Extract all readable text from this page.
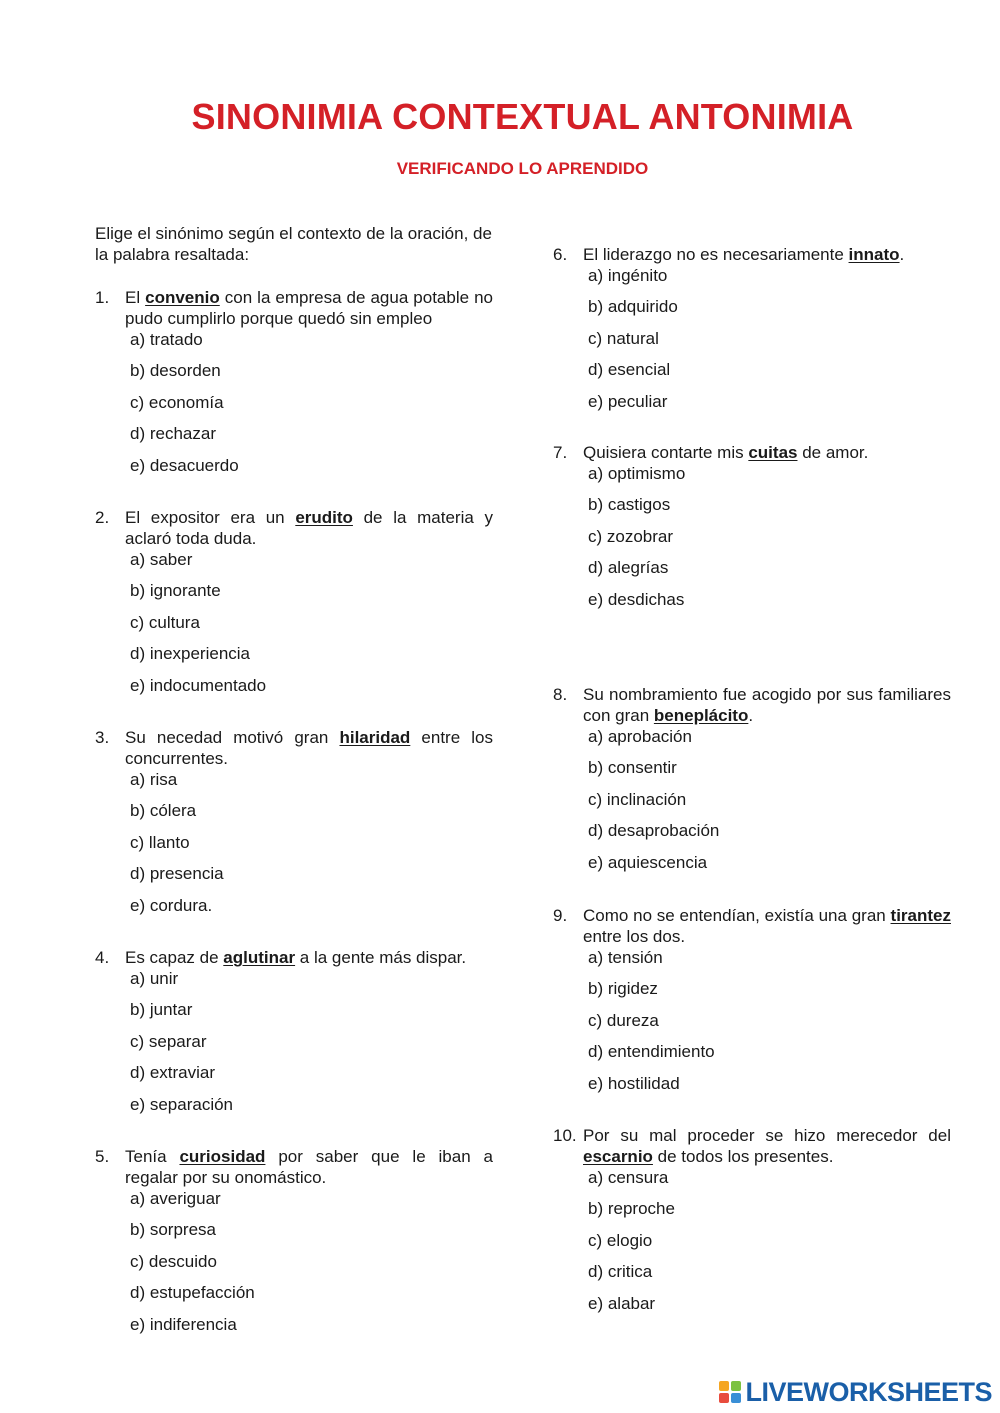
SINONIMIA CONTEXTUAL ANTONIMIA
VERIFICANDO LO APRENDIDO
Elige el sinónimo según el contexto de la oración, de la palabra resaltada:
1. El convenio con la empresa de agua potable no pudo cumplirlo porque quedó sin empleo
a) tratado
b) desorden
c) economía
d) rechazar
e) desacuerdo
2. El expositor era un erudito de la materia y aclaró toda duda.
a) saber
b) ignorante
c) cultura
d) inexperiencia
e) indocumentado
3. Su necedad motivó gran hilaridad entre los concurrentes.
a) risa
b) cólera
c) llanto
d) presencia
e) cordura.
4. Es capaz de aglutinar a la gente más dispar.
a) unir
b) juntar
c) separar
d) extraviar
e) separación
5. Tenía curiosidad por saber que le iban a regalar por su onomástico.
a) averiguar
b) sorpresa
c) descuido
d) estupefacción
e) indiferencia
6. El liderazgo no es necesariamente innato.
a) ingénito
b) adquirido
c) natural
d) esencial
e) peculiar
7. Quisiera contarte mis cuitas de amor.
a) optimismo
b) castigos
c) zozobrar
d) alegrías
e) desdichas
8. Su nombramiento fue acogido por sus familiares con gran beneplácito.
a) aprobación
b) consentir
c) inclinación
d) desaprobación
e) aquiescencia
9. Como no se entendían, existía una gran tirantez entre los dos.
a) tensión
b) rigidez
c) dureza
d) entendimiento
e) hostilidad
10. Por su mal proceder se hizo merecedor del escarnio de todos los presentes.
a) censura
b) reproche
c) elogio
d) critica
e) alabar
LIVEWORKSHEETS
